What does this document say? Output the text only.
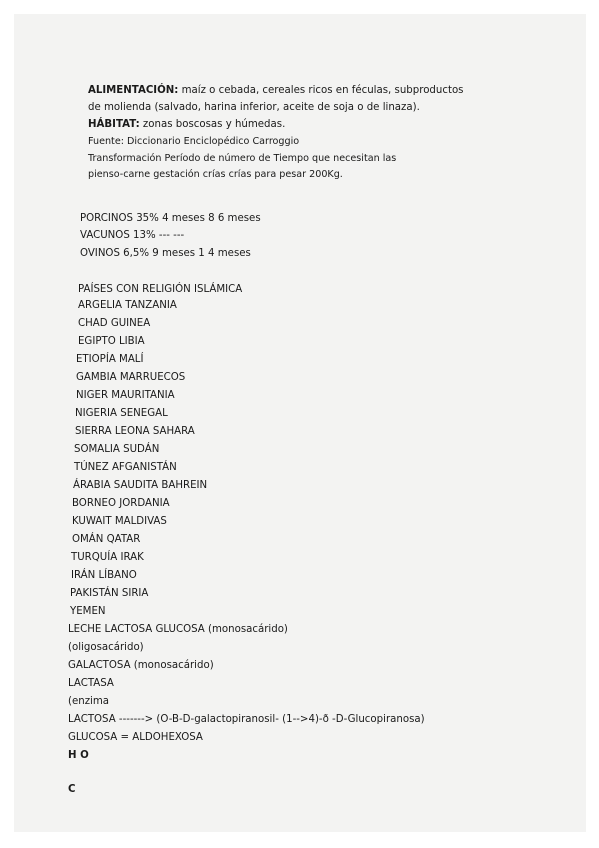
ALIMENTACIÓN: maíz o cebada, cereales ricos en féculas, subproductos
de molienda (salvado, harina inferior, aceite de soja o de linaza).
HÁBITAT: zonas boscosas y húmedas.
Fuente: Diccionario Enciclopédico Carroggio
Transformación Período de número de Tiempo que necesitan las
pienso-carne gestación crías crías para pesar 200Kg.
PORCINOS 35% 4 meses 8 6 meses
VACUNOS 13% --- ---
OVINOS 6,5% 9 meses 1 4 meses
PAÍSES CON RELIGIÓN ISLÁMICA
ARGELIA TANZANIA
CHAD GUINEA
EGIPTO LIBIA
ETIOPÍA MALÍ
GAMBIA MARRUECOS
NIGER MAURITANIA
NIGERIA SENEGAL
SIERRA LEONA SAHARA
SOMALIA SUDÁN
TÚNEZ AFGANISTÁN
ÁRABIA SAUDITA BAHREIN
BORNEO JORDANIA
KUWAIT MALDIVAS
OMÁN QATAR
TURQUÍA IRAK
IRÁN LÍBANO
PAKISTÁN SIRIA
YEMEN
LECHE LACTOSA GLUCOSA (monosacárido)
(oligosacárido)
GALACTOSA (monosacárido)
LACTASA
(enzima
LACTOSA -------> (O-B-D-galactopiranosil- (1-->4)-ð -D-Glucopiranosa)
GLUCOSA = ALDOHEXOSA
H O
C
